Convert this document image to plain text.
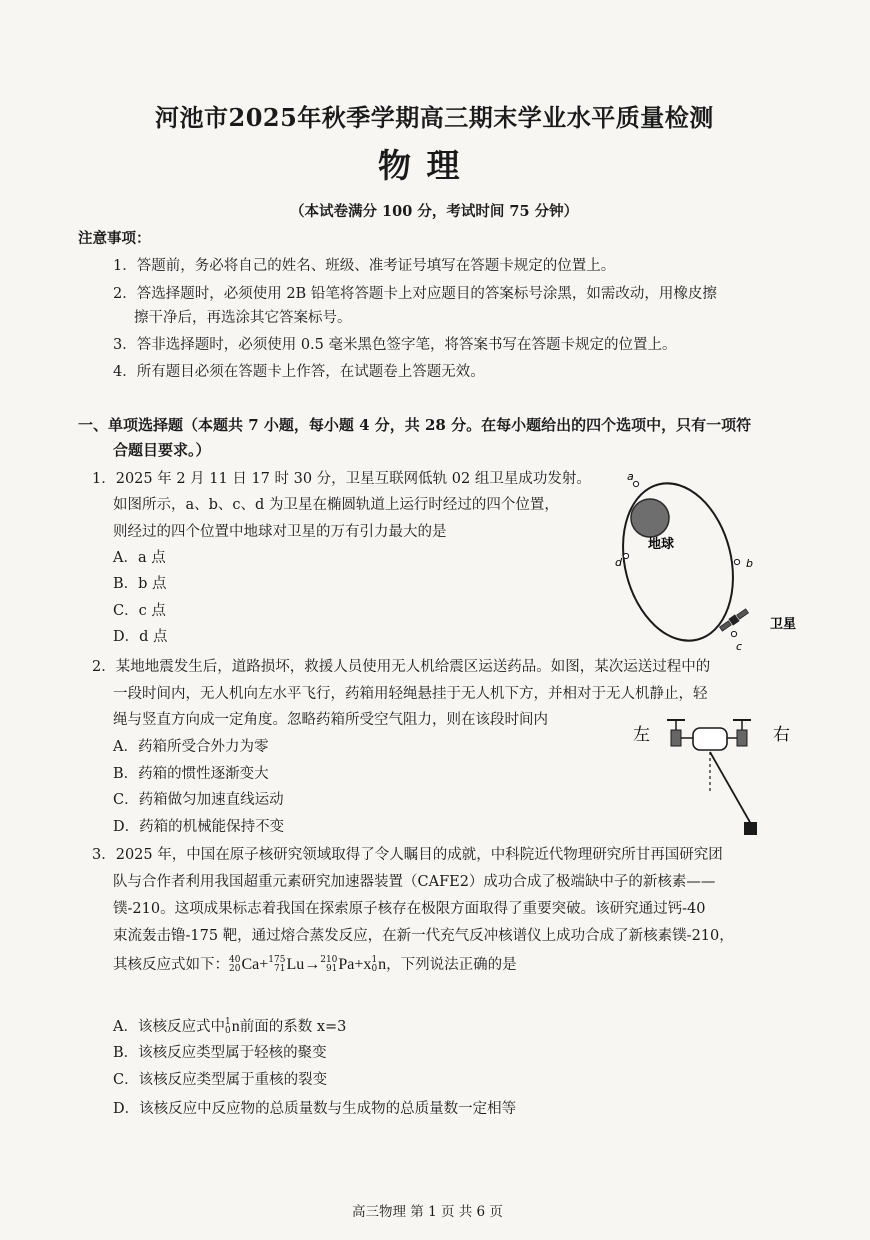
河池市2025年秋季学期高三期末学业水平质量检测
物 理
（本试卷满分 100 分，考试时间 75 分钟）
注意事项：
1．答题前，务必将自己的姓名、班级、准考证号填写在答题卡规定的位置上。
2．答选择题时，必须使用 2B 铅笔将答题卡上对应题目的答案标号涂黑，如需改动，用橡皮擦
擦干净后，再选涂其它答案标号。
3．答非选择题时，必须使用 0.5 毫米黑色签字笔，将答案书写在答题卡规定的位置上。
4．所有题目必须在答题卡上作答，在试题卷上答题无效。
一、单项选择题（本题共 7 小题，每小题 4 分，共 28 分。在每小题给出的四个选项中，只有一项符
合题目要求。）
1．2025 年 2 月 11 日 17 时 30 分，卫星互联网低轨 02 组卫星成功发射。
如图所示，a、b、c、d 为卫星在椭圆轨道上运行时经过的四个位置，
则经过的四个位置中地球对卫星的万有引力最大的是
A．a 点
B．b 点
C．c 点
D．d 点
地球
a
b
c
d
卫星
2．某地地震发生后，道路损坏，救援人员使用无人机给震区运送药品。如图，某次运送过程中的
一段时间内，无人机向左水平飞行，药箱用轻绳悬挂于无人机下方，并相对于无人机静止，轻
绳与竖直方向成一定角度。忽略药箱所受空气阻力，则在该段时间内
A．药箱所受合外力为零
B．药箱的惯性逐渐变大
C．药箱做匀加速直线运动
D．药箱的机械能保持不变
左	右
3．2025 年，中国在原子核研究领域取得了令人瞩目的成就，中科院近代物理研究所甘再国研究团
队与合作者利用我国超重元素研究加速器装置（CAFE2）成功合成了极端缺中子的新核素——
镤-210。这项成果标志着我国在探索原子核存在极限方面取得了重要突破。该研究通过钙-40
束流轰击镥-175 靶，通过熔合蒸发反应，在新一代充气反冲核谱仪上成功合成了新核素镤-210，
其核反应式如下： 40
20 Ca+ 175
71 Lu→ 210
91 Pa+x 1
0 n，下列说法正确的是
A．该核反应式中 1
0 n前面的系数 x=3
B．该核反应类型属于轻核的聚变
C．该核反应类型属于重核的裂变
D．该核反应中反应物的总质量数与生成物的总质量数一定相等
高三物理 第 1 页 共 6 页
